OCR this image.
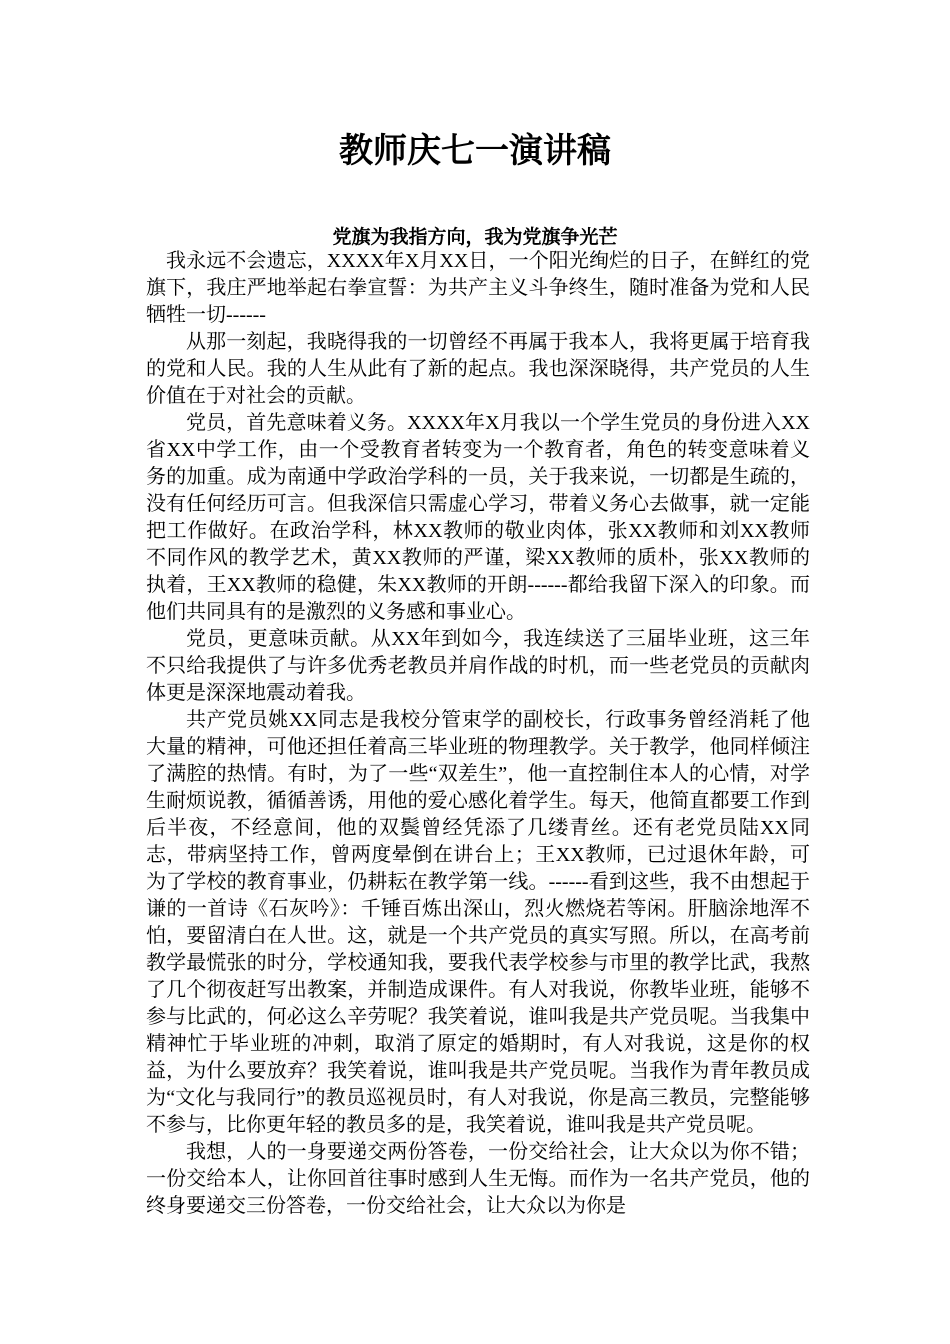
教师庆七一演讲稿
党旗为我指方向，我为党旗争光芒

我永远不会遗忘，XXXX年X月XX日，一个阳光绚烂的日子，在鲜红的党旗下，我庄严地举起右拳宣誓：为共产主义斗争终生，随时准备为党和人民牺牲一切------

从那一刻起，我晓得我的一切曾经不再属于我本人，我将更属于培育我的党和人民。我的人生从此有了新的起点。我也深深晓得，共产党员的人生价值在于对社会的贡献。

党员，首先意味着义务。XXXX年X月我以一个学生党员的身份进入XX省XX中学工作，由一个受教育者转变为一个教育者，角色的转变意味着义务的加重。成为南通中学政治学科的一员，关于我来说，一切都是生疏的，没有任何经历可言。但我深信只需虚心学习，带着义务心去做事，就一定能把工作做好。在政治学科，林XX教师的敬业肉体，张XX教师和刘XX教师不同作风的教学艺术，黄XX教师的严谨，梁XX教师的质朴，张XX教师的执着，王XX教师的稳健，朱XX教师的开朗------都给我留下深入的印象。而他们共同具有的是激烈的义务感和事业心。

党员，更意味贡献。从XX年到如今，我连续送了三届毕业班，这三年不只给我提供了与许多优秀老教员并肩作战的时机，而一些老党员的贡献肉体更是深深地震动着我。

共产党员姚XX同志是我校分管束学的副校长，行政事务曾经消耗了他大量的精神，可他还担任着高三毕业班的物理教学。关于教学，他同样倾注了满腔的热情。有时，为了一些“双差生”，他一直控制住本人的心情，对学生耐烦说教，循循善诱，用他的爱心感化着学生。每天，他简直都要工作到后半夜，不经意间，他的双鬓曾经凭添了几缕青丝。还有老党员陆XX同志，带病坚持工作，曾两度晕倒在讲台上；王XX教师，已过退休年龄，可为了学校的教育事业，仍耕耘在教学第一线。------看到这些，我不由想起于谦的一首诗《石灰吟》：千锤百炼出深山，烈火燃烧若等闲。肝脑涂地浑不怕，要留清白在人世。这，就是一个共产党员的真实写照。所以，在高考前教学最慌张的时分，学校通知我，要我代表学校参与市里的教学比武，我熬了几个彻夜赶写出教案，并制造成课件。有人对我说，你教毕业班，能够不参与比武的，何必这么辛劳呢？我笑着说，谁叫我是共产党员呢。当我集中精神忙于毕业班的冲刺，取消了原定的婚期时，有人对我说，这是你的权益，为什么要放弃？我笑着说，谁叫我是共产党员呢。当我作为青年教员成为“文化与我同行”的教员巡视员时，有人对我说，你是高三教员，完整能够不参与，比你更年轻的教员多的是，我笑着说，谁叫我是共产党员呢。

我想，人的一身要递交两份答卷，一份交给社会，让大众以为你不错；一份交给本人，让你回首往事时感到人生无悔。而作为一名共产党员，他的终身要递交三份答卷，一份交给社会，让大众以为你是
